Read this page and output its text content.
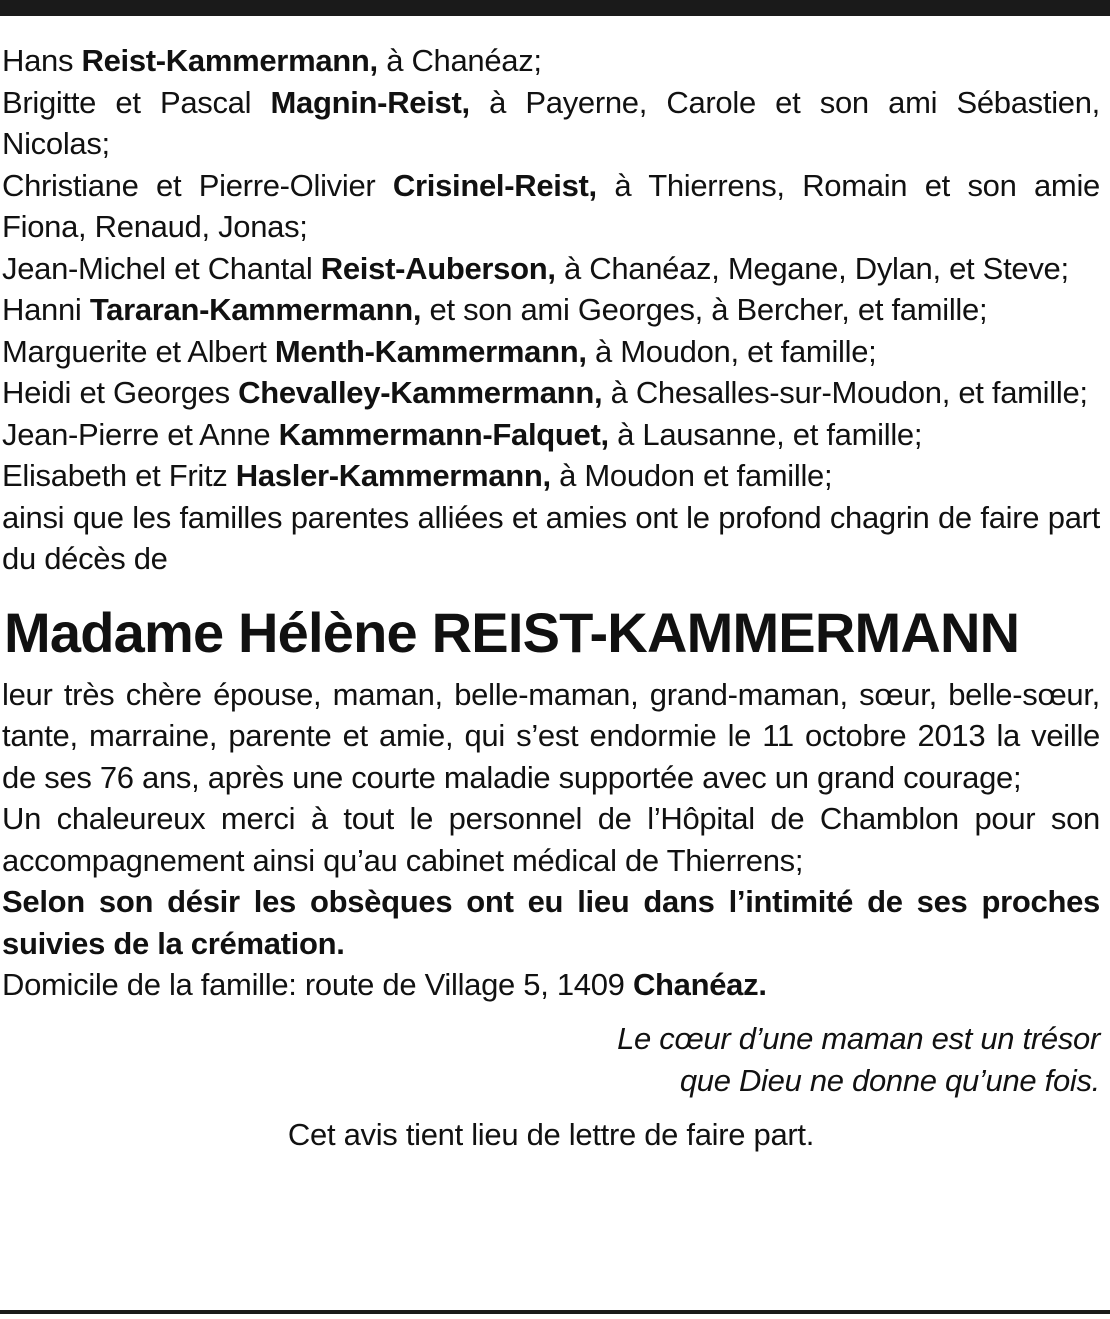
Hans Reist-Kammermann, à Chanéaz;
Brigitte et Pascal Magnin-Reist, à Payerne, Carole et son ami Sébastien, Nicolas;
Christiane et Pierre-Olivier Crisinel-Reist, à Thierrens, Romain et son amie Fiona, Renaud, Jonas;
Jean-Michel et Chantal Reist-Auberson, à Chanéaz, Megane, Dylan, et Steve;
Hanni Tararan-Kammermann, et son ami Georges, à Bercher, et famille;
Marguerite et Albert Menth-Kammermann, à Moudon, et famille;
Heidi et Georges Chevalley-Kammermann, à Chesalles-sur-Moudon, et famille;
Jean-Pierre et Anne Kammermann-Falquet, à Lausanne, et famille;
Elisabeth et Fritz Hasler-Kammermann, à Moudon et famille;
ainsi que les familles parentes alliées et amies ont le profond chagrin de faire part du décès de
Madame Hélène REIST-KAMMERMANN
leur très chère épouse, maman, belle-maman, grand-maman, sœur, belle-sœur, tante, marraine, parente et amie, qui s’est endormie le 11 octobre 2013 la veille de ses 76 ans, après une courte maladie supportée avec un grand courage;
Un chaleureux merci à tout le personnel de l’Hôpital de Chamblon pour son accompagnement ainsi qu’au cabinet médical de Thierrens;
Selon son désir les obsèques ont eu lieu dans l’intimité de ses proches suivies de la crémation.
Domicile de la famille: route de Village 5, 1409 Chanéaz.
Le cœur d’une maman est un trésor
que Dieu ne donne qu’une fois.
Cet avis tient lieu de lettre de faire part.
